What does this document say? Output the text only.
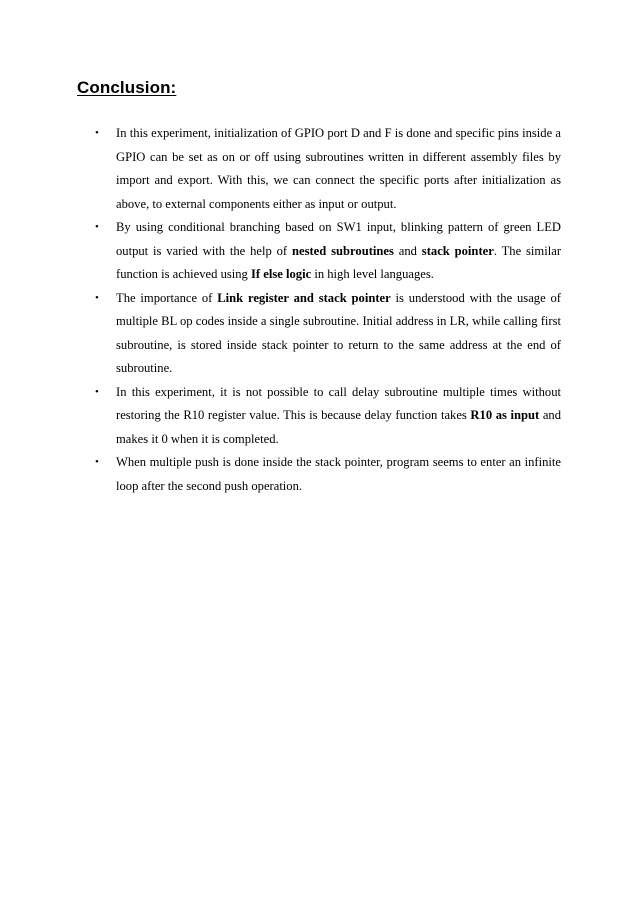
Conclusion:
• In this experiment, initialization of GPIO port D and F is done and specific pins inside a GPIO can be set as on or off using subroutines written in different assembly files by import and export. With this, we can connect the specific ports after initialization as above, to external components either as input or output.
• By using conditional branching based on SW1 input, blinking pattern of green LED output is varied with the help of nested subroutines and stack pointer. The similar function is achieved using If else logic in high level languages.
• The importance of Link register and stack pointer is understood with the usage of multiple BL op codes inside a single subroutine. Initial address in LR, while calling first subroutine, is stored inside stack pointer to return to the same address at the end of subroutine.
• In this experiment, it is not possible to call delay subroutine multiple times without restoring the R10 register value. This is because delay function takes R10 as input and makes it 0 when it is completed.
• When multiple push is done inside the stack pointer, program seems to enter an infinite loop after the second push operation.
